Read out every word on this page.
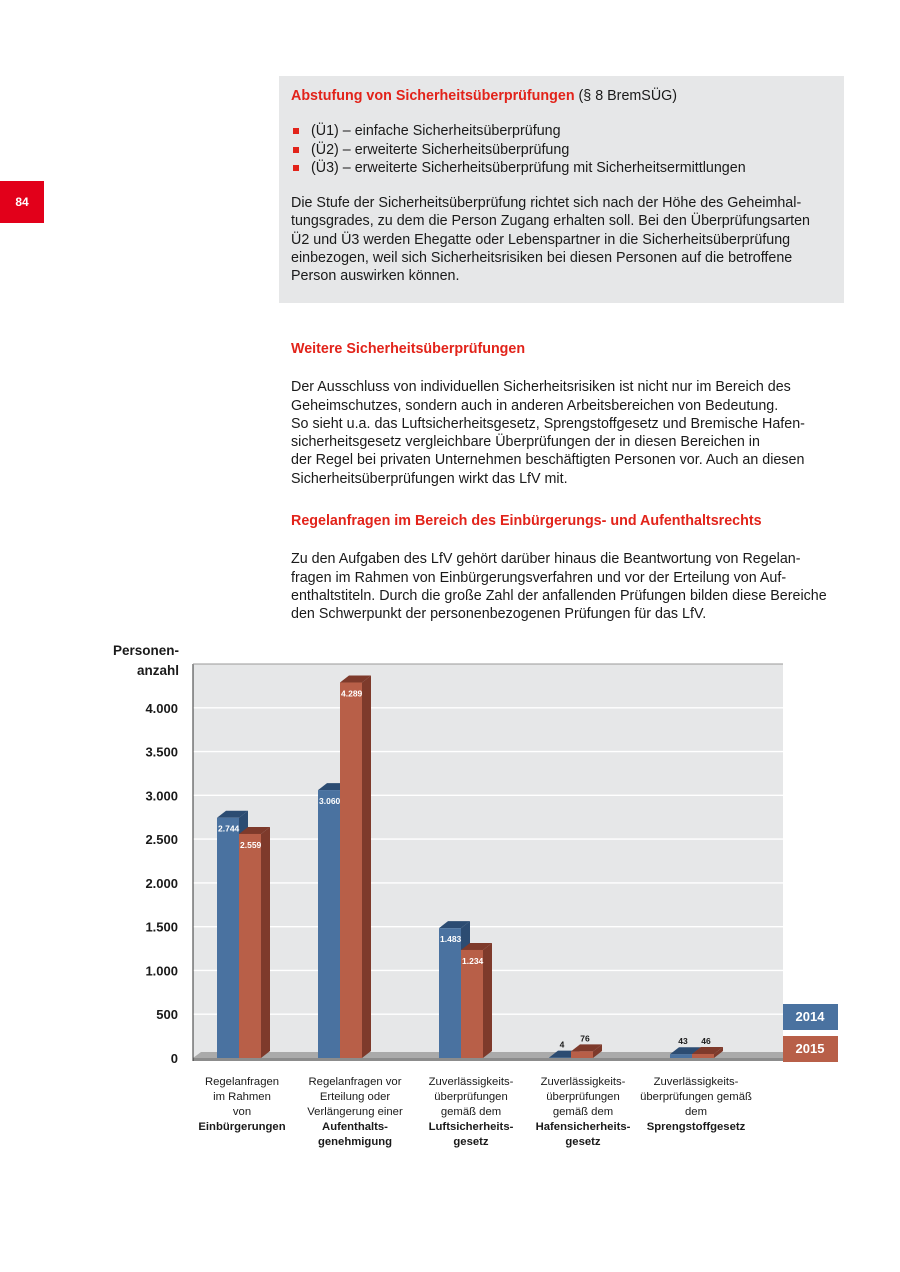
84
Abstufung von Sicherheitsüberprüfungen (§ 8 BremSÜG)
(Ü1) – einfache Sicherheitsüberprüfung
(Ü2) – erweiterte Sicherheitsüberprüfung
(Ü3) – erweiterte Sicherheitsüberprüfung mit Sicherheitsermittlungen
Die Stufe der Sicherheitsüberprüfung richtet sich nach der Höhe des Geheimhal-
tungsgrades, zu dem die Person Zugang erhalten soll. Bei den Überprüfungsarten
Ü2 und Ü3 werden Ehegatte oder Lebenspartner in die Sicherheitsüberprüfung
einbezogen, weil sich Sicherheitsrisiken bei diesen Personen auf die betroffene
Person auswirken können.
Weitere Sicherheitsüberprüfungen

Der Ausschluss von individuellen Sicherheitsrisiken ist nicht nur im Bereich des
Geheimschutzes, sondern auch in anderen Arbeitsbereichen von Bedeutung.
So sieht u.a. das Luftsicherheitsgesetz, Sprengstoffgesetz und Bremische Hafen-
sicherheitsgesetz vergleichbare Überprüfungen der in diesen Bereichen in
der Regel bei privaten Unternehmen beschäftigten Personen vor. Auch an diesen
Sicherheitsüberprüfungen wirkt das LfV mit.

Regelanfragen im Bereich des Einbürgerungs- und Aufenthaltsrechts

Zu den Aufgaben des LfV gehört darüber hinaus die Beantwortung von Regelan-
fragen im Rahmen von Einbürgerungsverfahren und vor der Erteilung von Auf-
enthaltstiteln. Durch die große Zahl der anfallenden Prüfungen bilden diese Bereiche
den Schwerpunkt der personenbezogenen Prüfungen für das LfV.

0
500
1.000
1.500
2.000
2.500
3.000
3.500
4.000
Personen-
anzahl
2.744
2.559
3.060
4.289
1.483
1.234
4
76	43 46
Regelanfragen
im Rahmen
von
Einbürgerungen
Regelanfragen vor
Erteilung oder
Verlängerung einer
Aufenthalts-
genehmigung
Zuverlässigkeits-
überprüfungen
gemäß dem
Luftsicherheits-
gesetz
Zuverlässigkeits-
überprüfungen
gemäß dem
Hafensicherheits-
gesetz
Zuverlässigkeits-
überprüfungen gemäß
dem
Sprengstoffgesetz
2014
2015
